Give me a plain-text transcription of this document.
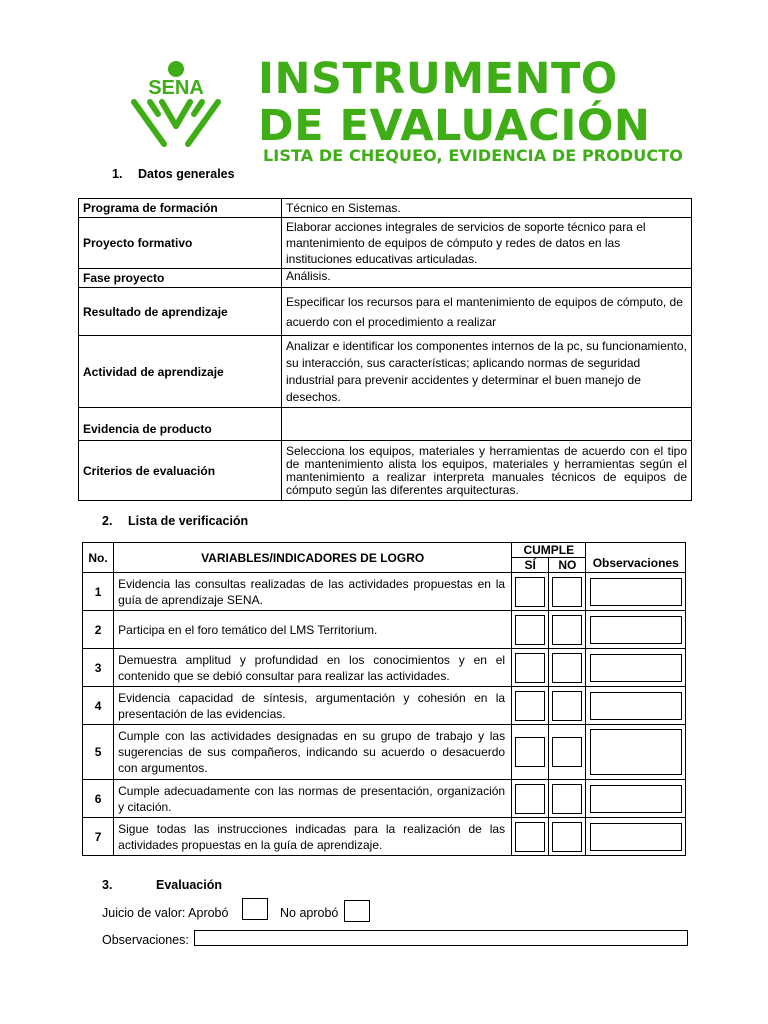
SENA INSTRUMENTO
DE EVALUACIÓN
LISTA DE CHEQUEO, EVIDENCIA DE PRODUCTO
1. Datos generales
Programa de formación	Técnico en Sistemas.
Proyecto formativo	Elaborar acciones integrales de servicios de soporte técnico para el mantenimiento de equipos de cómputo y redes de datos en las instituciones educativas articuladas.
Fase proyecto	Análisis.
Resultado de aprendizaje	Especificar los recursos para el mantenimiento de equipos de cómputo, de acuerdo con el procedimiento a realizar
Actividad de aprendizaje	Analizar e identificar los componentes internos de la pc, su funcionamiento, su interacción, sus características; aplicando normas de seguridad industrial para prevenir accidentes y determinar el buen manejo de desechos.
Evidencia de producto	
Criterios de evaluación	Selecciona los equipos, materiales y herramientas de acuerdo con el tipo de mantenimiento alista los equipos, materiales y herramientas según el mantenimiento a realizar interpreta manuales técnicos de equipos de cómputo según las diferentes arquitecturas.
2. Lista de verificación
No.	VARIABLES/INDICADORES DE LOGRO	CUMPLE		Observaciones
		SÍ	NO	
1	Evidencia las consultas realizadas de las actividades propuestas en la guía de aprendizaje SENA.			
2	Participa en el foro temático del LMS Territorium.			
3	Demuestra amplitud y profundidad en los conocimientos y en el contenido que se debió consultar para realizar las actividades.			
4	Evidencia capacidad de síntesis, argumentación y cohesión en la presentación de las evidencias.			
5	Cumple con las actividades designadas en su grupo de trabajo y las sugerencias de sus compañeros, indicando su acuerdo o desacuerdo con argumentos.			
6	Cumple adecuadamente con las normas de presentación, organización y citación.			
7	Sigue todas las instrucciones indicadas para la realización de las actividades propuestas en la guía de aprendizaje.			
3.	Evaluación
Juicio de valor: Aprobó	No aprobó
Observaciones:
